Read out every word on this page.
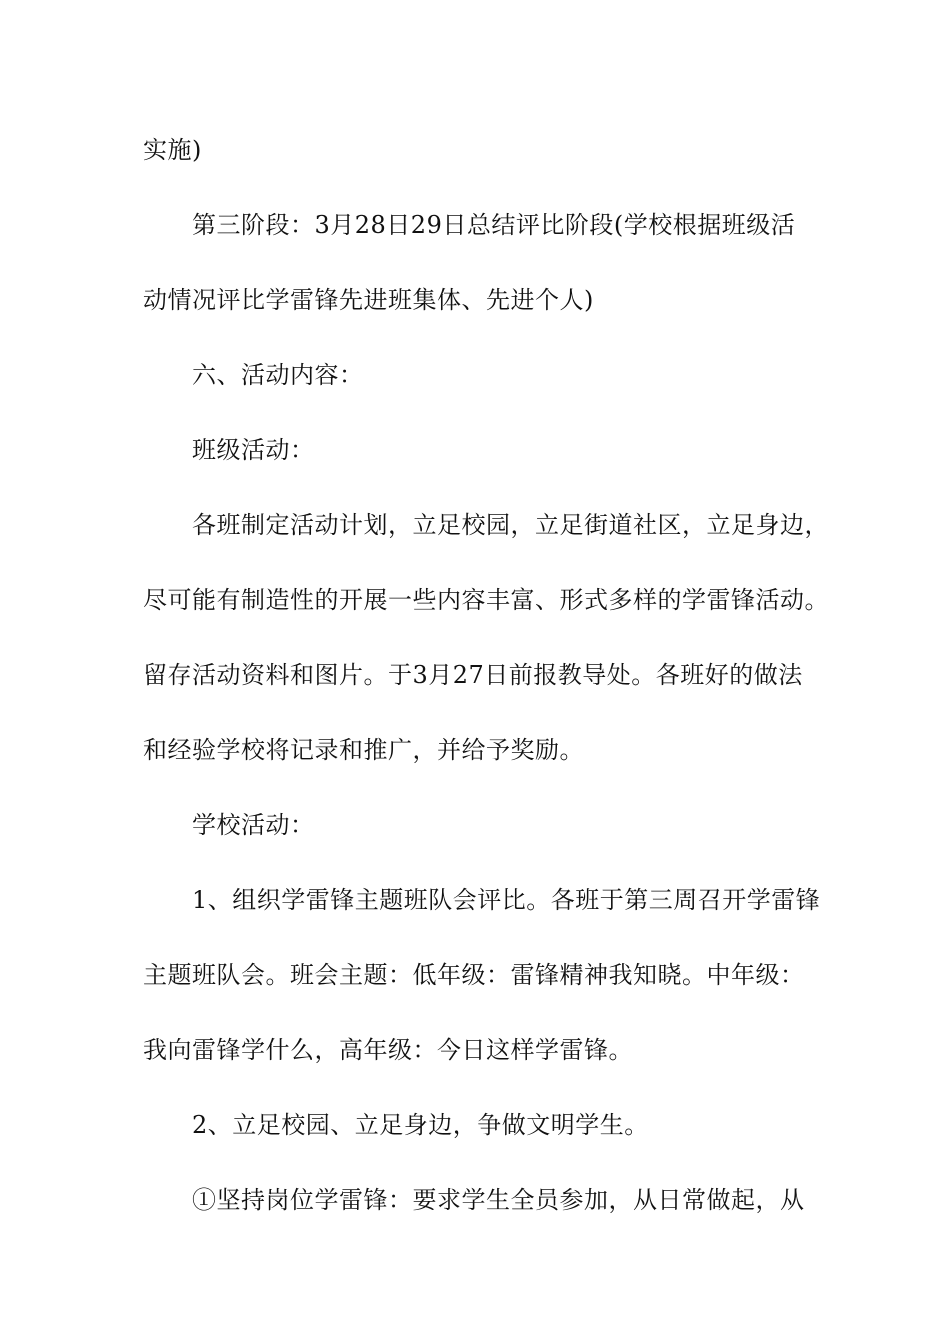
实施)
第三阶段：3月28日29日总结评比阶段(学校根据班级活
动情况评比学雷锋先进班集体、先进个人)
六、活动内容：
班级活动：
各班制定活动计划，立足校园，立足街道社区，立足身边，
尽可能有制造性的开展一些内容丰富、形式多样的学雷锋活动。
留存活动资料和图片。于3月27日前报教导处。各班好的做法
和经验学校将记录和推广，并给予奖励。
学校活动：
1、组织学雷锋主题班队会评比。各班于第三周召开学雷锋
主题班队会。班会主题：低年级：雷锋精神我知晓。中年级：
我向雷锋学什么，高年级：今日这样学雷锋。
2、立足校园、立足身边，争做文明学生。
①坚持岗位学雷锋：要求学生全员参加，从日常做起，从
